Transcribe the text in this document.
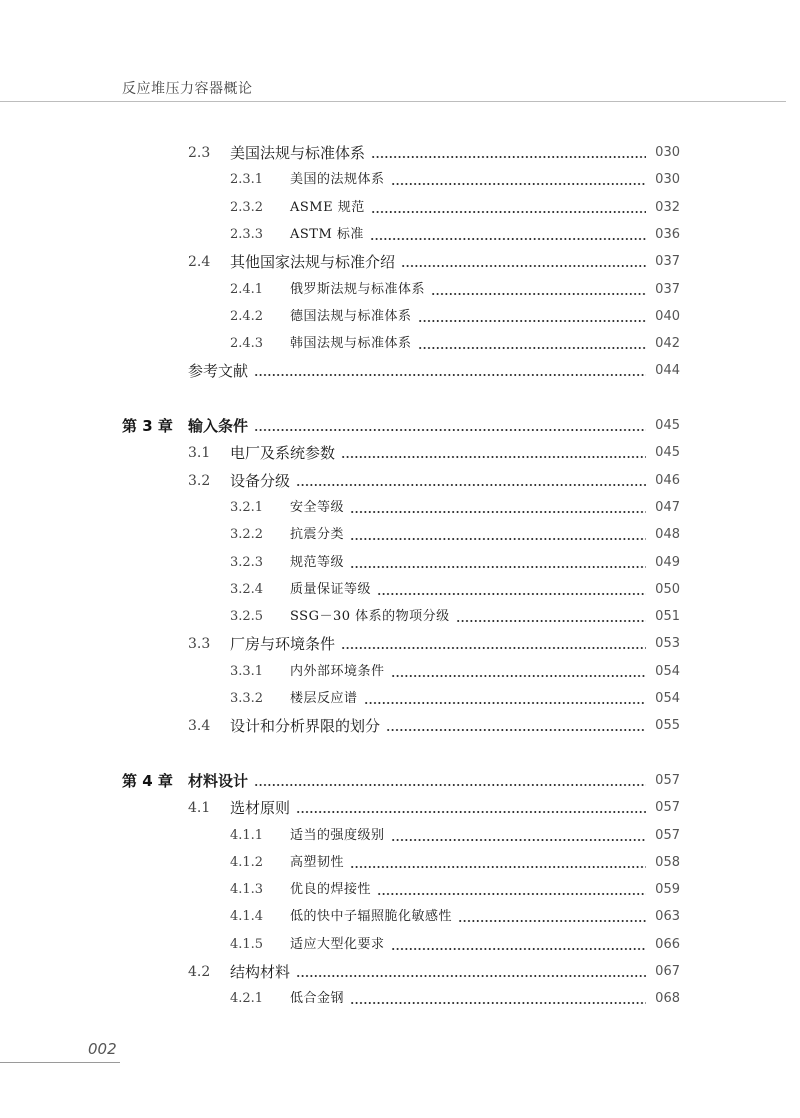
反应堆压力容器概论
2.3	美国法规与标准体系	030
2.3.1	美国的法规体系	030
2.3.2	ASME 规范	032
2.3.3	ASTM 标准	036
2.4	其他国家法规与标准介绍	037
2.4.1	俄罗斯法规与标准体系	037
2.4.2	德国法规与标准体系	040
2.4.3	韩国法规与标准体系	042
参考文献	044
第 3 章	输入条件	045
3.1	电厂及系统参数	045
3.2	设备分级	046
3.2.1	安全等级	047
3.2.2	抗震分类	048
3.2.3	规范等级	049
3.2.4	质量保证等级	050
3.2.5	SSG－30 体系的物项分级	051
3.3	厂房与环境条件	053
3.3.1	内外部环境条件	054
3.3.2	楼层反应谱	054
3.4	设计和分析界限的划分	055
第 4 章	材料设计	057
4.1	选材原则	057
4.1.1	适当的强度级别	057
4.1.2	高塑韧性	058
4.1.3	优良的焊接性	059
4.1.4	低的快中子辐照脆化敏感性	063
4.1.5	适应大型化要求	066
4.2	结构材料	067
4.2.1	低合金钢	068
002
